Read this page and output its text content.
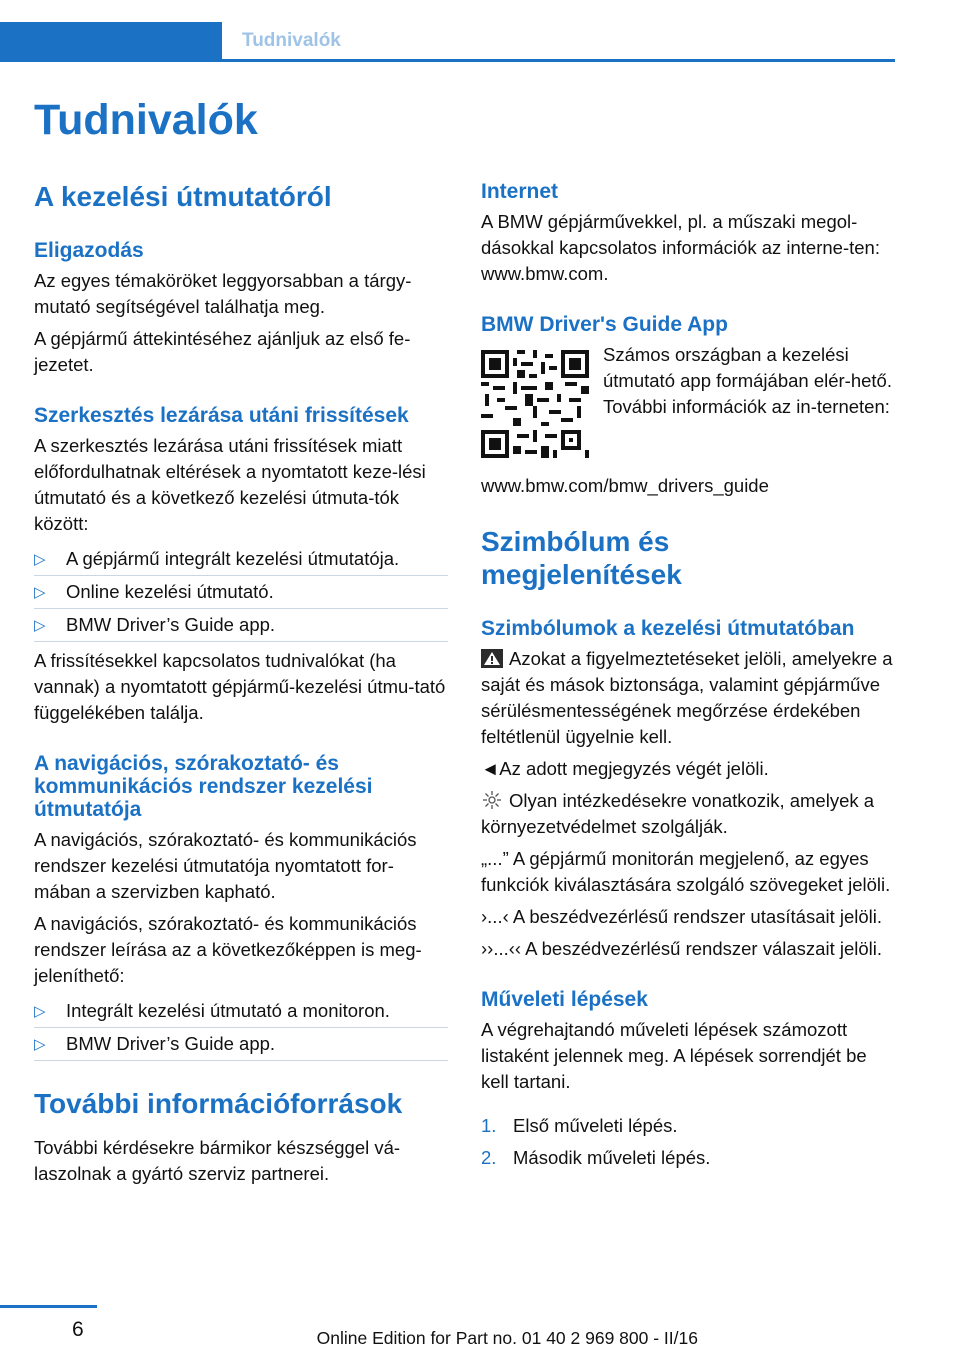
Tudnivalók
Tudnivalók
A kezelési útmutatóról
Eligazodás

Az egyes témaköröket leggyorsabban a tárgy-mutató segítségével találhatja meg.

A gépjármű áttekintéséhez ajánljuk az első fe-jezetet.

Szerkesztés lezárása utáni frissítések

A szerkesztés lezárása utáni frissítések miatt előfordulhatnak eltérések a nyomtatott keze-lési útmutató és a következő kezelési útmuta-tók között:

▷ A gépjármű integrált kezelési útmutatója.
▷ Online kezelési útmutató.
▷ BMW Driver’s Guide app.

A frissítésekkel kapcsolatos tudnivalókat (ha vannak) a nyomtatott gépjármű-kezelési útmu-tató függelékében találja.

A navigációs, szórakoztató- és kommunikációs rendszer kezelési útmutatója

A navigációs, szórakoztató- és kommunikációs rendszer kezelési útmutatója nyomtatott for-mában a szervizben kapható.

A navigációs, szórakoztató- és kommunikációs rendszer leírása az a következőképpen is meg-jeleníthető:

▷ Integrált kezelési útmutató a monitoron.
▷ BMW Driver’s Guide app.
További információforrások

További kérdésekre bármikor készséggel vá-laszolnak a gyártó szerviz partnerei.

Internet

A BMW gépjárművekkel, pl. a műszaki megol-dásokkal kapcsolatos információk az interne-ten: www.bmw.com.

BMW Driver's Guide App

Számos országban a kezelési útmutató app formájában elér-hető. További információk az in-terneten:

www.bmw.com/bmw_drivers_guide

Szimbólum és megjelenítések
Szimbólumok a kezelési útmutatóban

Azokat a figyelmeztetéseket jelöli, amelyekre a saját és mások biztonsága, valamint gépjárműve sérülésmentességének megőrzése érdekében feltétlenül ügyelnie kell.

◄Az adott megjegyzés végét jelöli.

Olyan intézkedésekre vonatkozik, amelyek a környezetvédelmet szolgálják.

„...” A gépjármű monitorán megjelenő, az egyes funkciók kiválasztására szolgáló szövegeket jelöli.

›...‹ A beszédvezérlésű rendszer utasításait jelöli.

››...‹‹ A beszédvezérlésű rendszer válaszait jelöli.

Műveleti lépések

A végrehajtandó műveleti lépések számozott listaként jelennek meg. A lépések sorrendjét be kell tartani.

1. Első műveleti lépés.
2. Második műveleti lépés.
6	Online Edition for Part no. 01 40 2 969 800 - II/16
